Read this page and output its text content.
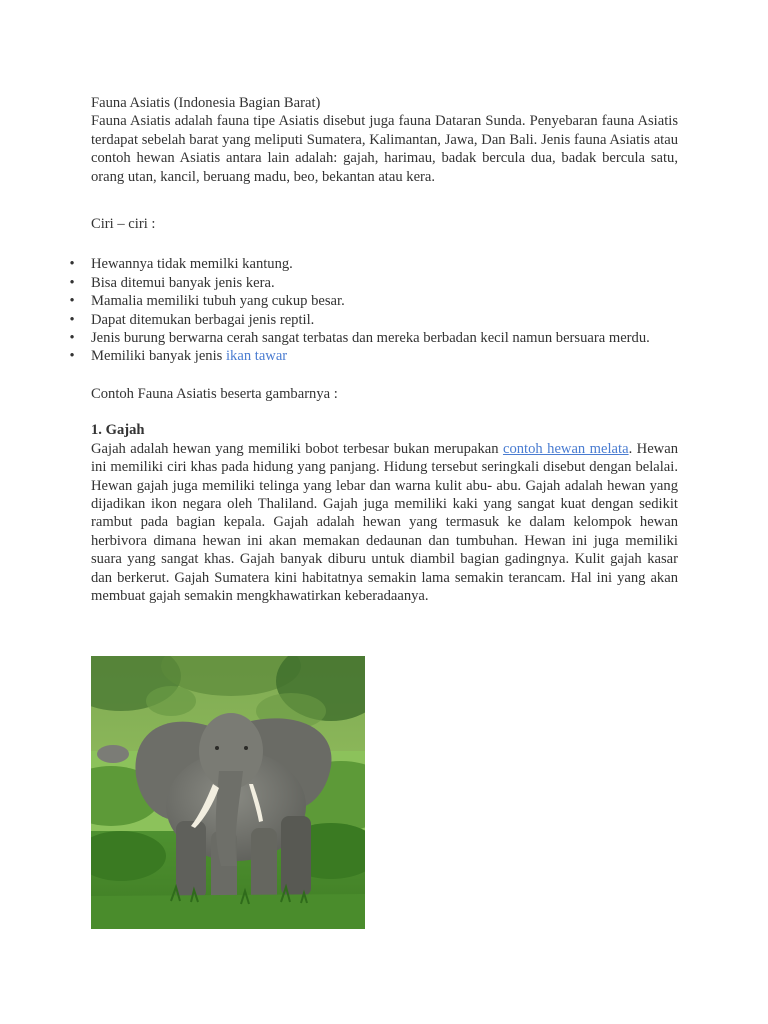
Fauna Asiatis (Indonesia Bagian Barat)

Fauna Asiatis adalah fauna tipe Asiatis disebut juga fauna Dataran Sunda. Penyebaran fauna Asiatis terdapat sebelah barat yang meliputi Sumatera, Kalimantan, Jawa, Dan Bali. Jenis fauna Asiatis atau contoh hewan Asiatis antara lain adalah: gajah, harimau, badak bercula dua, badak bercula satu, orang utan, kancil, beruang madu, beo, bekantan atau kera.

Ciri – ciri :

• Hewannya tidak memilki kantung.
• Bisa ditemui banyak jenis kera.
• Mamalia memiliki tubuh yang cukup besar.
• Dapat ditemukan berbagai jenis reptil.
• Jenis burung berwarna cerah sangat terbatas dan mereka berbadan kecil namun bersuara merdu.
• Memiliki banyak jenis ikan tawar

Contoh Fauna Asiatis beserta gambarnya :

1. Gajah

Gajah adalah hewan yang memiliki bobot terbesar bukan merupakan contoh hewan melata. Hewan ini memiliki ciri khas pada hidung yang panjang. Hidung tersebut seringkali disebut dengan belalai. Hewan gajah juga memiliki telinga yang lebar dan warna kulit abu- abu. Gajah adalah hewan yang dijadikan ikon negara oleh Thaliland. Gajah juga memiliki kaki yang sangat kuat dengan sedikit rambut pada bagian kepala. Gajah adalah hewan yang termasuk ke dalam kelompok hewan herbivora dimana hewan ini akan memakan dedaunan dan tumbuhan. Hewan ini juga memiliki suara yang sangat khas. Gajah banyak diburu untuk diambil bagian gadingnya. Kulit gajah kasar dan berkerut. Gajah Sumatera kini habitatnya semakin lama semakin terancam. Hal ini yang akan membuat gajah semakin mengkhawatirkan keberadaanya.
